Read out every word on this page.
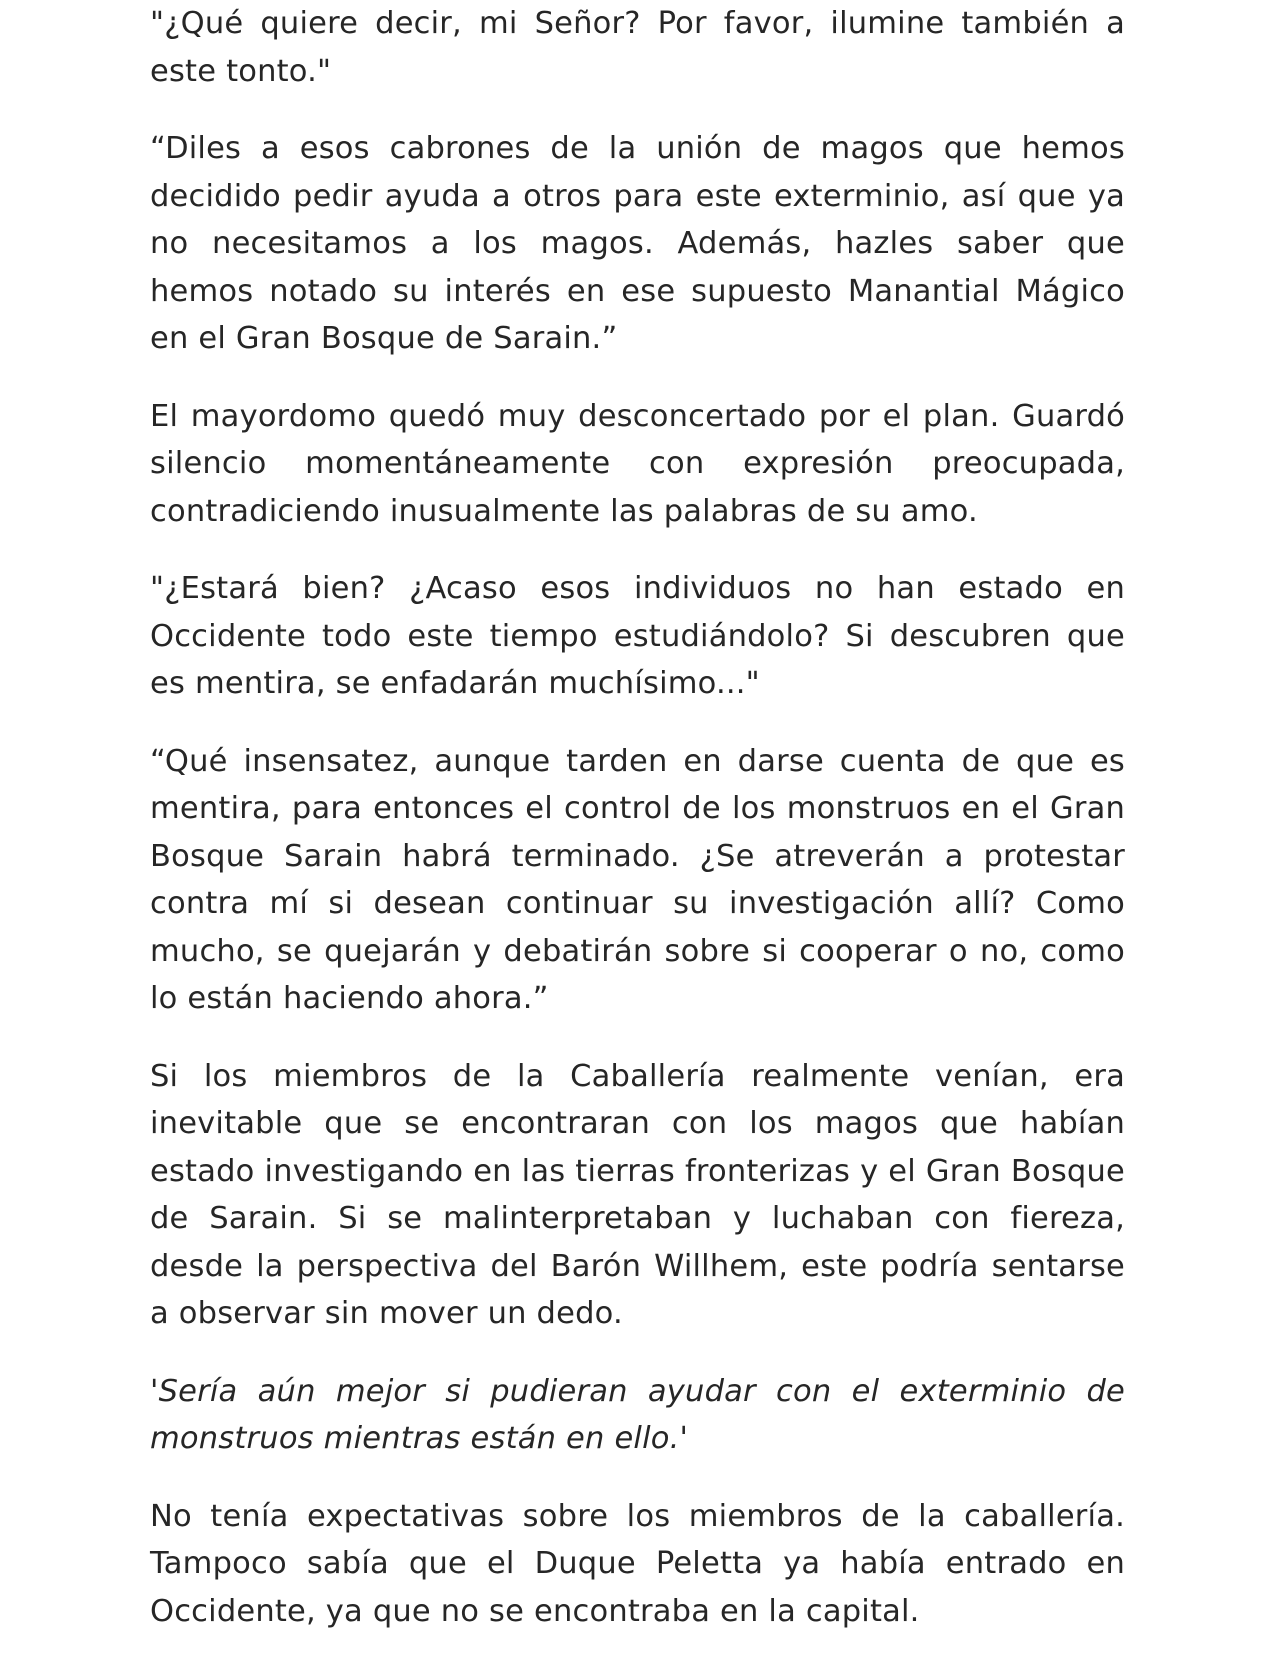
"¿Qué quiere decir, mi Señor? Por favor, ilumine también a este tonto."

“Diles a esos cabrones de la unión de magos que hemos decidido pedir ayuda a otros para este exterminio, así que ya no necesitamos a los magos. Además, hazles saber que hemos notado su interés en ese supuesto Manantial Mágico en el Gran Bosque de Sarain.”

El mayordomo quedó muy desconcertado por el plan. Guardó silencio momentáneamente con expresión preocupada, contradiciendo inusualmente las palabras de su amo.

"¿Estará bien? ¿Acaso esos individuos no han estado en Occidente todo este tiempo estudiándolo? Si descubren que es mentira, se enfadarán muchísimo..."

“Qué insensatez, aunque tarden en darse cuenta de que es mentira, para entonces el control de los monstruos en el Gran Bosque Sarain habrá terminado. ¿Se atreverán a protestar contra mí si desean continuar su investigación allí? Como mucho, se quejarán y debatirán sobre si cooperar o no, como lo están haciendo ahora.”

Si los miembros de la Caballería realmente venían, era inevitable que se encontraran con los magos que habían estado investigando en las tierras fronterizas y el Gran Bosque de Sarain. Si se malinterpretaban y luchaban con fiereza, desde la perspectiva del Barón Willhem, este podría sentarse a observar sin mover un dedo.

'Sería aún mejor si pudieran ayudar con el exterminio de monstruos mientras están en ello.'

No tenía expectativas sobre los miembros de la caballería. Tampoco sabía que el Duque Peletta ya había entrado en Occidente, ya que no se encontraba en la capital.
